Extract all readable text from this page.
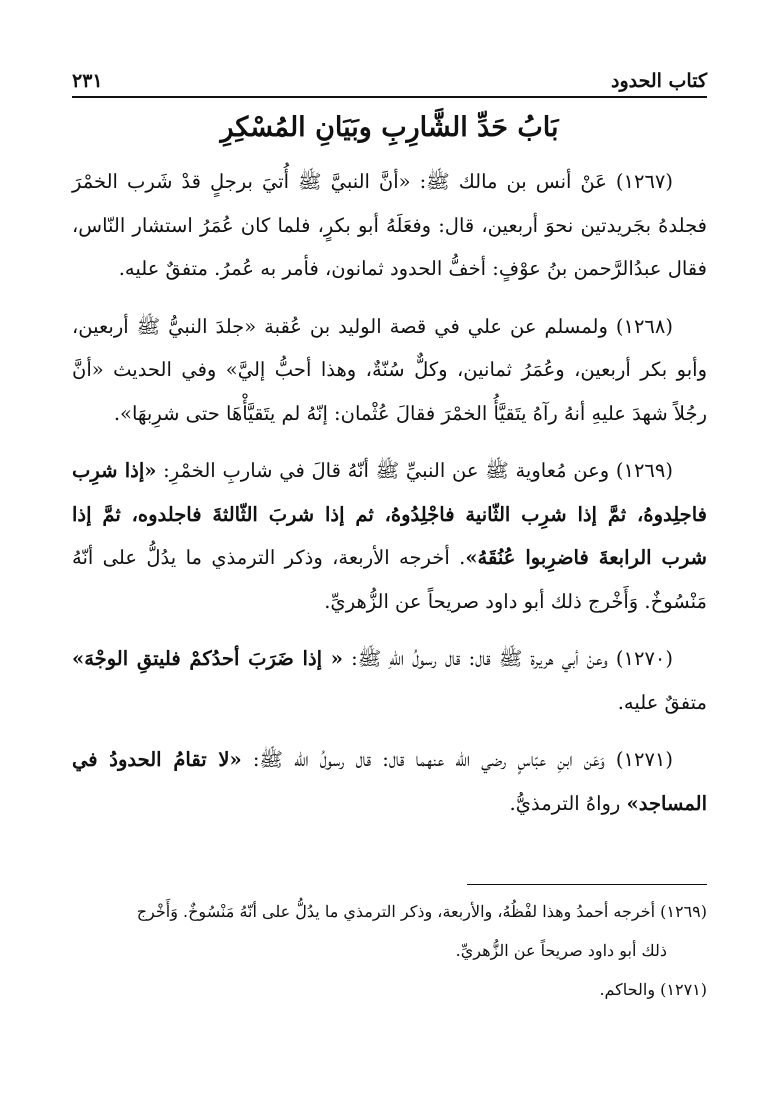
كتاب الحدود
٢٣١
بَابُ حَدِّ الشَّارِبِ وبَيَانِ المُسْكِرِ

(١٢٦٧) عَنْ أنس بن مالك ﷺ: «أنَّ النبيَّ ﷺ أُتيَ برجلٍ قدْ شَرب الخمْرَ فجلدهُ بجَريدتين نحوَ أربعين، قال: وفعَلَهُ أبو بكرٍ، فلما كان عُمَرُ استشار النّاس، فقال عبدُالرَّحمن بنُ عوْفٍ: أخفُّ الحدود ثمانون، فأمر به عُمرُ. متفقٌ عليه.

(١٢٦٨) ولمسلم عن علي في قصة الوليد بن عُقبة «جلدَ النبيُّ ﷺ أربعين، وأبو بكر أربعين، وعُمَرُ ثمانين، وكلٌّ سُنّةٌ، وهذا أحبُّ إليَّ» وفي الحديث «أنَّ رجُلاً شهدَ عليهِ أنهُ رآهُ يتَقيَّأُ الخمْرَ فقالَ عُثْمان: إنّهُ لم يتَقيَّأْهَا حتى شرِبهَا».

(١٢٦٩) وعن مُعاوية ﷺ عن النبيِّ ﷺ أنّهُ قالَ في شاربِ الخمْرِ: «إذا شرِب فاجلِدوهُ، ثمَّ إذا شرِب الثّانية فاجْلِدُوهُ، ثم إذا شربَ الثّالثةَ فاجلدوه، ثمَّ إذا شرب الرابعةَ فاضرِبوا عُنُقَهُ». أخرجه الأربعة، وذكر الترمذي ما يدُلُّ على أنّهُ مَنْسُوخٌ. وَأَخْرج ذلك أبو داود صريحاً عن الزُّهريِّ.

(١٢٧٠) وعنْ أبي هريرة ﷺ قال: قال رسولُ اللهِ ﷺ: « إذا ضَرَبَ أحدُكمْ فليتقِ الوجْهَ» متفقٌ عليه.

(١٢٧١) وَعَن ابنِ عبّاسٍ رضي الله عنهما قال: قال رسولُ الله ﷺ: «لا تقامُ الحدودُ في المساجد» رواهُ الترمذيُّ.

(١٢٦٩) أخرجه أحمدُ وهذا لفْظُهُ، والأربعة، وذكر الترمذي ما يدُلُّ على أنّهُ مَنْسُوخٌ. وَأَخْرج

ذلك أبو داود صريحاً عن الزُّهريِّ.

(١٢٧١) والحاكم.
